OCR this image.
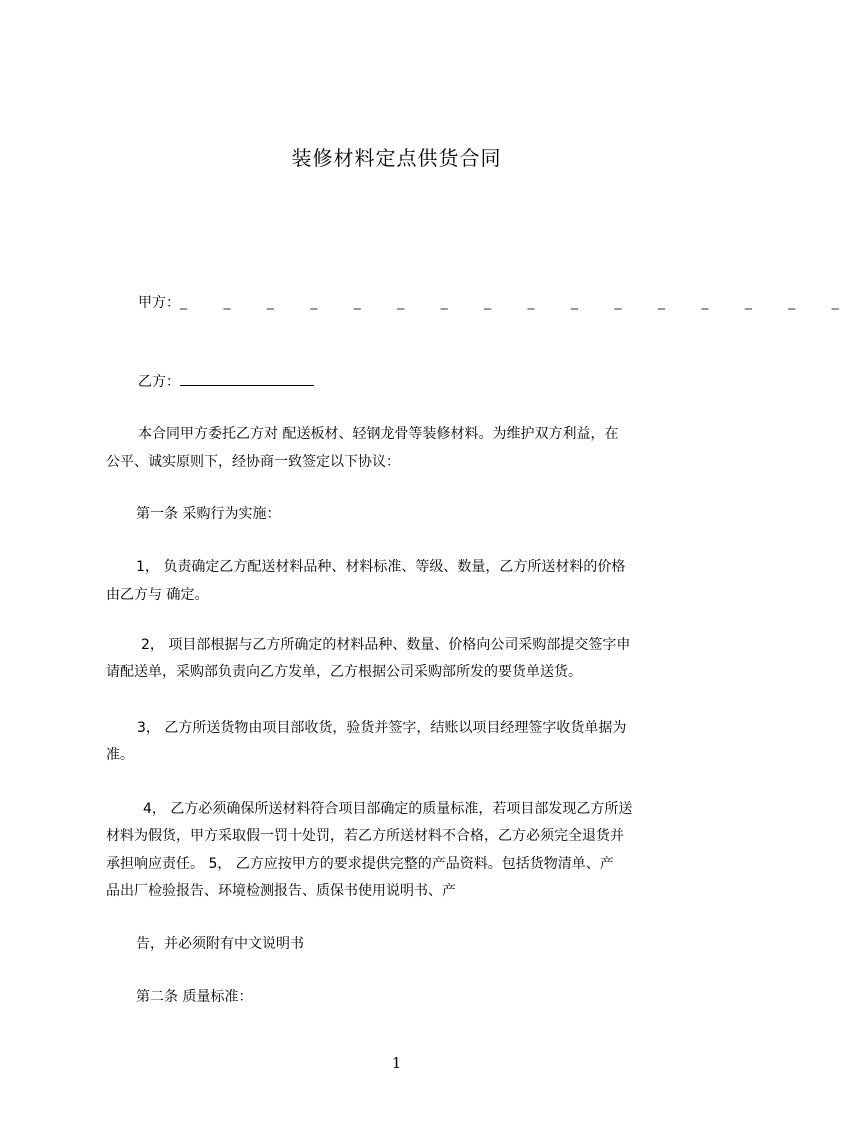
装修材料定点供货合同
甲 方 ： _ _ _ _ _ _ _ _ _ _ _ _ _ _ _ _
乙方：
本合同甲方委托乙方对 配送板材、轻钢龙骨等装修材料。为维护双方利益，在
公平、诚实原则下，经协商一致签定以下协议：
第一条 采购行为实施：
1， 负责确定乙方配送材料品种、材料标准、等级、数量，乙方所送材料的价格
由乙方与 确定。
2， 项目部根据与乙方所确定的材料品种、数量、价格向公司采购部提交签字申
请配送单，采购部负责向乙方发单，乙方根据公司采购部所发的要货单送货。
3， 乙方所送货物由项目部收货，验货并签字，结账以项目经理签字收货单据为
准。
4， 乙方必须确保所送材料符合项目部确定的质量标准，若项目部发现乙方所送
材料为假货，甲方采取假一罚十处罚，若乙方所送材料不合格，乙方必须完全退货并
承担响应责任。 5， 乙方应按甲方的要求提供完整的产品资料。包括货物清单、产
品出厂检验报告、环境检测报告、质保书使用说明书、产
告，并必须附有中文说明书
第二条 质量标准：
1
